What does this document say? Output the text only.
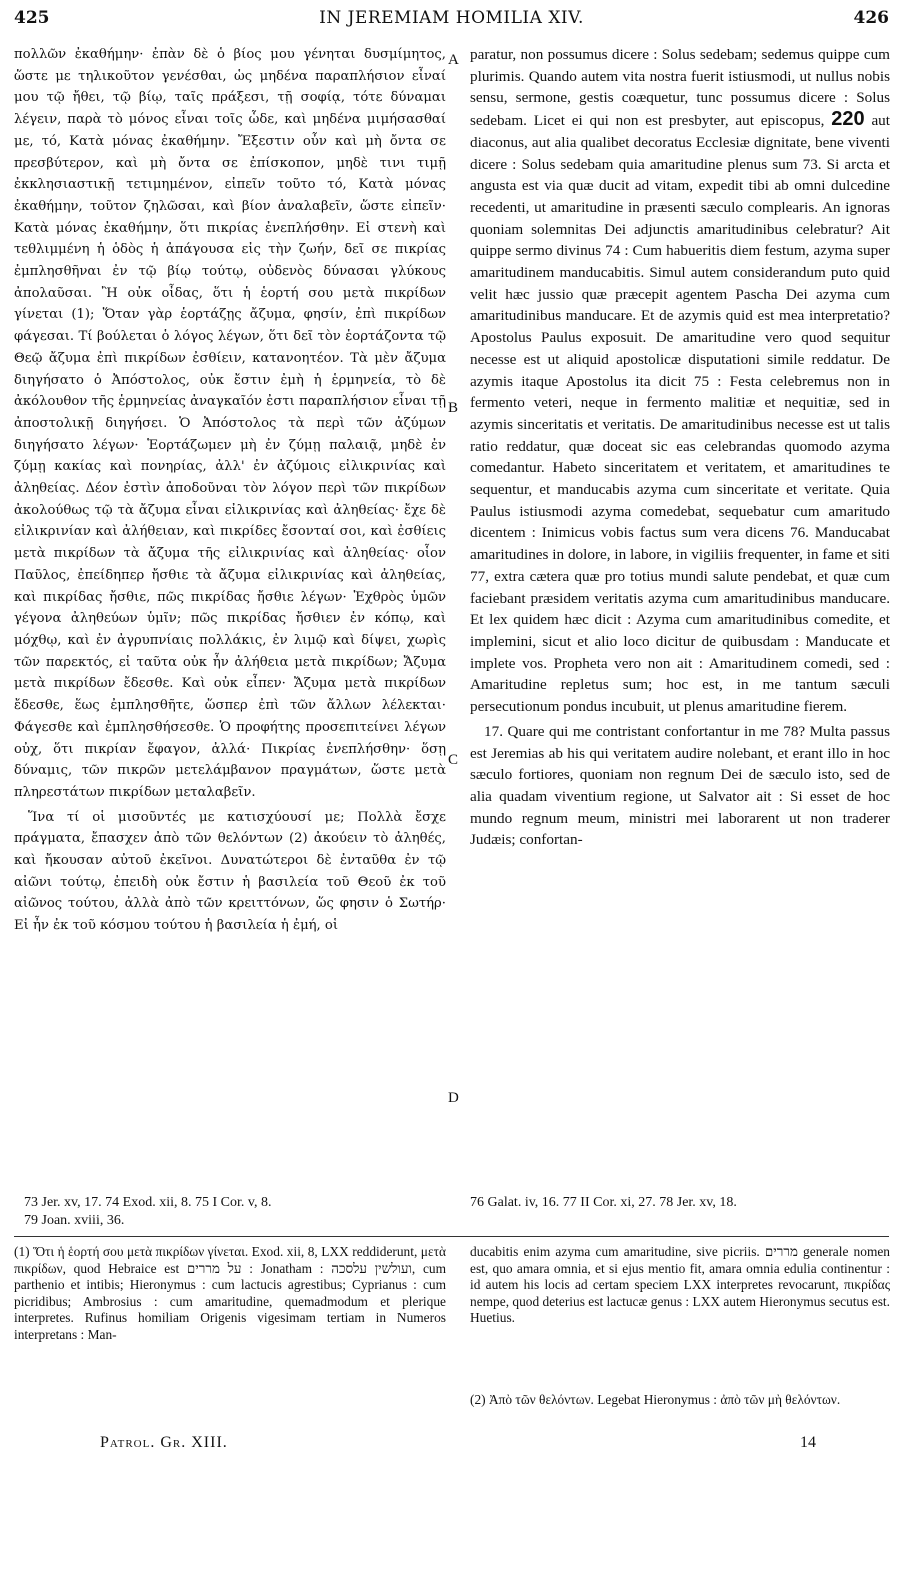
425	IN JEREMIAM HOMILIA XIV.	426
A
B
C
D

πολλῶν ἐκαθήμην· ἐπὰν δὲ ὁ βίος μου γένηται δυσμίμητος, ὥστε με τηλικοῦτον γενέσθαι, ὡς μηδένα παραπλήσιον εἶναί μου τῷ ἤθει, τῷ βίῳ, ταῖς πράξεσι, τῇ σοφίᾳ, τότε δύναμαι λέγειν, παρὰ τὸ μόνος εἶναι τοῖς ὧδε, καὶ μηδένα μιμήσασθαί με, τό, Κατὰ μόνας ἐκαθήμην. Ἔξεστιν οὖν καὶ μὴ ὄντα σε πρεσβύτερον, καὶ μὴ ὄντα σε ἐπίσκοπον, μηδὲ τινι τιμῇ ἐκκλησιαστικῇ τετιμημένον, εἰπεῖν τοῦτο τό, Κατὰ μόνας ἐκαθήμην, τοῦτον ζηλῶσαι, καὶ βίον ἀναλαβεῖν, ὥστε εἰπεῖν· Κατὰ μόνας ἐκαθήμην, ὅτι πικρίας ἐνεπλήσθην. Εἰ στενὴ καὶ τεθλιμμένη ἡ ὁδὸς ἡ ἀπάγουσα εἰς τὴν ζωήν, δεῖ σε πικρίας ἐμπλησθῆναι ἐν τῷ βίῳ τούτῳ, οὐδενὸς δύνασαι γλύκους ἀπολαῦσαι. Ἢ οὐκ οἶδας, ὅτι ἡ ἑορτή σου μετὰ πικρίδων γίνεται (1); Ὅταν γὰρ ἑορτάζῃς ἄζυμα, φησίν, ἐπὶ πικρίδων φάγεσαι. Τί βούλεται ὁ λόγος λέγων, ὅτι δεῖ τὸν ἑορτάζοντα τῷ Θεῷ ἄζυμα ἐπὶ πικρίδων ἐσθίειν, κατανοητέον. Τὰ μὲν ἄζυμα διηγήσατο ὁ Ἀπόστολος, οὐκ ἔστιν ἐμὴ ἡ ἑρμηνεία, τὸ δὲ ἀκόλουθον τῆς ἑρμηνείας ἀναγκαῖόν ἐστι παραπλήσιον εἶναι τῇ ἀποστολικῇ διηγήσει. Ὁ Ἀπόστολος τὰ περὶ τῶν ἀζύμων διηγήσατο λέγων· Ἑορτάζωμεν μὴ ἐν ζύμῃ παλαιᾷ, μηδὲ ἐν ζύμῃ κακίας καὶ πονηρίας, ἀλλ' ἐν ἀζύμοις εἰλικρινίας καὶ ἀληθείας. Δέον ἐστὶν ἀποδοῦναι τὸν λόγον περὶ τῶν πικρίδων ἀκολούθως τῷ τὰ ἄζυμα εἶναι εἰλικρινίας καὶ ἀληθείας· ἔχε δὲ εἰλικρινίαν καὶ ἀλήθειαν, καὶ πικρίδες ἔσονταί σοι, καὶ ἐσθίεις μετὰ πικρίδων τὰ ἄζυμα τῆς εἰλικρινίας καὶ ἀληθείας· οἷον Παῦλος, ἐπείδηπερ ἤσθιε τὰ ἄζυμα εἰλικρινίας καὶ ἀληθείας, καὶ πικρίδας ἤσθιε, πῶς πικρίδας ἤσθιε λέγων· Ἐχθρὸς ὑμῶν γέγονα ἀληθεύων ὑμῖν; πῶς πικρίδας ἤσθιεν ἐν κόπῳ, καὶ μόχθῳ, καὶ ἐν ἀγρυπνίαις πολλάκις, ἐν λιμῷ καὶ δίψει, χωρὶς τῶν παρεκτός, εἰ ταῦτα οὐκ ἦν ἀλήθεια μετὰ πικρίδων; Ἄζυμα μετὰ πικρίδων ἔδεσθε. Καὶ οὐκ εἶπεν· Ἄζυμα μετὰ πικρίδων ἔδεσθε, ἕως ἐμπλησθῆτε, ὥσπερ ἐπὶ τῶν ἄλλων λέλεκται· Φάγεσθε καὶ ἐμπλησθήσεσθε. Ὁ προφήτης προσεπιτείνει λέγων οὐχ, ὅτι πικρίαν ἔφαγον, ἀλλά· Πικρίας ἐνεπλήσθην· ὅσῃ δύναμις, τῶν πικρῶν μετελάμβανον πραγμάτων, ὥστε μετὰ πληρεστάτων πικρίδων μεταλαβεῖν.

Ἵνα τί οἱ μισοῦντές με κατισχύουσί με; Πολλὰ ἔσχε πράγματα, ἔπασχεν ἀπὸ τῶν θελόντων (2) ἀκούειν τὸ ἀληθές, καὶ ἤκουσαν αὐτοῦ ἐκεῖνοι. Δυνατώτεροι δὲ ἐνταῦθα ἐν τῷ αἰῶνι τούτῳ, ἐπειδὴ οὐκ ἔστιν ἡ βασιλεία τοῦ Θεοῦ ἐκ τοῦ αἰῶνος τούτου, ἀλλὰ ἀπὸ τῶν κρειττόνων, ὥς φησιν ὁ Σωτήρ· Εἰ ἦν ἐκ τοῦ κόσμου τούτου ἡ βασιλεία ἡ ἐμή, οἱ

paratur, non possumus dicere : Solus sedebam; sedemus quippe cum plurimis. Quando autem vita nostra fuerit istiusmodi, ut nullus nobis sensu, sermone, gestis coæquetur, tunc possumus dicere : Solus sedebam. Licet ei qui non est presbyter, aut episcopus, 220 aut diaconus, aut alia qualibet decoratus Ecclesiæ dignitate, bene viventi dicere : Solus sedebam quia amaritudine plenus sum 73. Si arcta et angusta est via quæ ducit ad vitam, expedit tibi ab omni dulcedine recedenti, ut amaritudine in præsenti sæculo complearis. An ignoras quoniam solemnitas Dei adjunctis amaritudinibus celebratur? Ait quippe sermo divinus 74 : Cum habueritis diem festum, azyma super amaritudinem manducabitis. Simul autem considerandum puto quid velit hæc jussio quæ præcepit agentem Pascha Dei azyma cum amaritudinibus manducare. Et de azymis quid est mea interpretatio? Apostolus Paulus exposuit. De amaritudine vero quod sequitur necesse est ut aliquid apostolicæ disputationi simile reddatur. De azymis itaque Apostolus ita dicit 75 : Festa celebremus non in fermento veteri, neque in fermento malitiæ et nequitiæ, sed in azymis sinceritatis et veritatis. De amaritudinibus necesse est ut talis ratio reddatur, quæ doceat sic eas celebrandas quomodo azyma comedantur. Habeto sinceritatem et veritatem, et amaritudines te sequentur, et manducabis azyma cum sinceritate et veritate. Quia Paulus istiusmodi azyma comedebat, sequebatur cum amaritudo dicentem : Inimicus vobis factus sum vera dicens 76. Manducabat amaritudines in dolore, in labore, in vigiliis frequenter, in fame et siti 77, extra cætera quæ pro totius mundi salute pendebat, et quæ cum faciebant præsidem veritatis azyma cum amaritudinibus manducare. Et lex quidem hæc dicit : Azyma cum amaritudinibus comedite, et implemini, sicut et alio loco dicitur de quibusdam : Manducate et implete vos. Propheta vero non ait : Amaritudinem comedi, sed : Amaritudine repletus sum; hoc est, in me tantum sæculi persecutionum pondus incubuit, ut plenus amaritudine fierem.

17. Quare qui me contristant confortantur in me 78? Multa passus est Jeremias ab his qui veritatem audire nolebant, et erant illo in hoc sæculo fortiores, quoniam non regnum Dei de sæculo isto, sed de alia quadam viventium regione, ut Salvator ait : Si esset de hoc mundo regnum meum, ministri mei laborarent ut non traderer Judæis; confortan-

73 Jer. xv, 17. 74 Exod. xii, 8. 75 I Cor. v, 8.
79 Joan. xviii, 36.
76 Galat. iv, 16. 77 II Cor. xi, 27. 78 Jer. xv, 18.
(1) Ὅτι ἡ ἑορτή σου μετὰ πικρίδων γίνεται. Exod. xii, 8, LXX reddiderunt, μετὰ πικρίδων, quod Hebraice est על מררים : Jonatham : ועולשין עלסכה, cum parthenio et intibis; Hieronymus : cum lactucis agrestibus; Cyprianus : cum picridibus; Ambrosius : cum amaritudine, quemadmodum et plerique interpretes. Rufinus homiliam Origenis vigesimam tertiam in Numeros interpretans : Man-
ducabitis enim azyma cum amaritudine, sive picriis. מררים generale nomen est, quo amara omnia, et si ejus mentio fit, amara omnia edulia continentur : id autem his locis ad certam speciem LXX interpretes revocarunt, πικρίδας nempe, quod deterius est lactucæ genus : LXX autem Hieronymus secutus est. Huetius.
(2) Ἀπὸ τῶν θελόντων. Legebat Hieronymus : ἀπὸ τῶν μὴ θελόντων.
Patrol. Gr. XIII.	14
